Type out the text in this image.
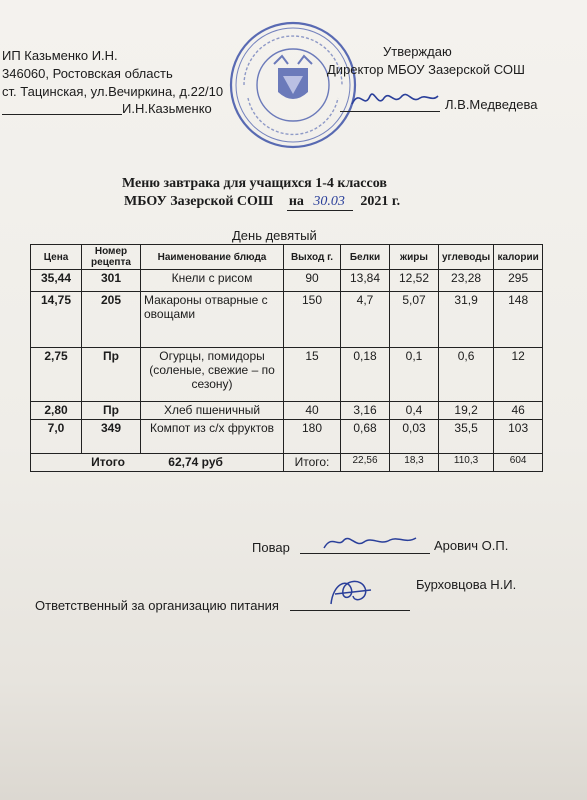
ИП Казьменко И.Н.
346060, Ростовская область
ст. Тацинская, ул.Вечиркина, д.22/10
И.Н.Казьменко
Утверждаю
Директор МБОУ Зазерской СОШ
Л.В.Медведева
Меню завтрака для учащихся 1-4 классов
МБОУ Зазерской СОШ на 30.03 2021 г.
День девятый
Цена	Номер рецепта	Наименование блюда	Выход г.	Белки	жиры	углеводы	калории
35,44	301	Кнели с рисом	90	13,84	12,52	23,28	295
14,75	205	Макароны отварные с овощами	150	4,7	5,07	31,9	148
2,75	Пр	Огурцы, помидоры (соленые, свежие – по сезону)	15	0,18	0,1	0,6	12
2,80	Пр	Хлеб пшеничный	40	3,16	0,4	19,2	46
7,0	349	Компот из с/х фруктов	180	0,68	0,03	35,5	103
Итого 62,74 руб			Итого:	22,56	18,3	110,3	604
Повар	Арович О.П.
Ответственный за организацию питания
Бурховцова Н.И.
